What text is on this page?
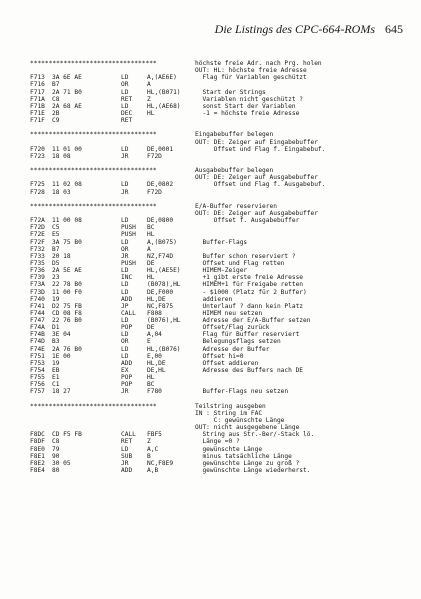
Die Listings des CPC-664-ROMs 645
**********************************	höchste freie Adr. nach Prg. holen
OUT: HL: höchste freie Adresse
F713 3A 6E AE	LD	A,(AE6E)	Flag für Variablen geschützt
F716 B7	OR	A
F717 2A 71 B0	LD	HL,(B071) Start der Strings
F71A C8	RET Z	Variablen nicht geschützt ?
F71B 2A 68 AE	LD	HL,(AE68) sonst Start der Variablen
F71E 2B	DEC HL	-1 = höchste freie Adresse
F71F C9	RET
**********************************	Eingabebuffer belegen
OUT: DE: Zeiger auf Eingabebuffer
F720 11 01 00	LD	DE,0001	Offset und Flag f. Eingabebuf.
F723 18 08	JR	F72D
**********************************	Ausgabebuffer belegen
OUT: DE: Zeiger auf Ausgabebuffer
F725 11 02 08	LD	DE,0802	Offset und Flag f. Ausgabebuf.
F728 18 03	JR	F72D
**********************************	E/A-Buffer reservieren
OUT: DE: Zeiger auf Ausgabebuffer
F72A 11 00 08	LD	DE,0800	Offset f. Ausgabebuffer
F72D C5	PUSH BC
F72E E5	PUSH HL
F72F 3A 75 B0	LD	A,(B075)	Buffer-Flags
F732 B7	OR	A
F733 20 18	JR	NZ,F74D	Buffer schon reserviert ?
F735 D5	PUSH DE	Offset und Flag retten
F736 2A 5E AE	LD	HL,(AE5E) HIMEM-Zeiger
F739 23	INC HL	+1 gibt erste freie Adresse
F73A 22 78 B0	LD	(B078),HL HIMEM+1 für Freigabe retten
F73D 11 00 F0	LD	DE,F000	- $1000 (Platz für 2 Buffer)
F740 19	ADD HL,DE	addieren
F741 D2 75 FB	JP	NC,F875	Unterlauf ? dann kein Platz
F744 CD 08 F8	CALL F808	HIMEM neu setzen
F747 22 76 B0	LD	(B076),HL Adresse der E/A-Buffer setzen
F74A D1	POP DE	Offset/Flag zurück
F74B 3E 04	LD	A,04	Flag für Buffer reserviert
F74D B3	OR	E	Belegungsflags setzen
F74E 2A 76 B0	LD	HL,(B076) Adresse der Buffer
F751 1E 00	LD	E,00	Offset hi=0
F753 19	ADD HL,DE	Offset addieren
F754 EB	EX	DE,HL	Adresse des Buffers nach DE
F755 E1	POP HL
F756 C1	POP BC
F757 18 27	JR	F780	Buffer-Flags neu setzen
**********************************	Teilstring ausgeben
IN : String im FAC
C: gewünschte Länge
OUT: nicht ausgegebene Länge
F8DC CD F5 FB	CALL FBF5	String aus Str.-Ber/-Stack lö.
F8DF C8	RET Z	Länge =0 ?
F8E0 79	LD	A,C	gewünschte Länge
F8E1 90	SUB B	minus tatsächliche Länge
F8E2 30 05	JR	NC,F8E9	gewünschte Länge zu groß ?
F8E4 80	ADD A,B	gewünschte Länge wiederherst.
